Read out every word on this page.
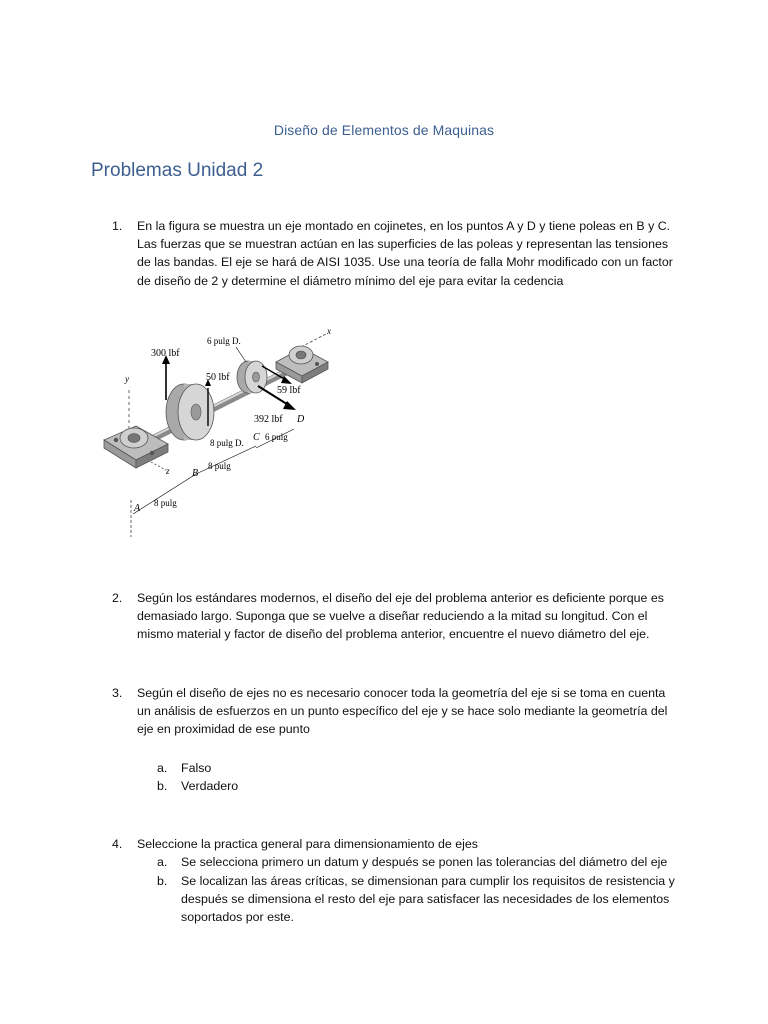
Diseño de Elementos de Maquinas
Problemas Unidad 2
1. En la figura se muestra un eje montado en cojinetes, en los puntos A y D y tiene poleas en B y C. Las fuerzas que se muestran actúan en las superficies de las poleas y representan las tensiones de las bandas. El eje se hará de AISI 1035. Use una teoría de falla Mohr modificado con un factor de diseño de 2 y determine el diámetro mínimo del eje para evitar la cedencia
x
y
z
300 lbf
50 lbf
59 lbf
392 lbf D
6 pulg D.
C 6 pulg
8 pulg D.
B
8 pulg
A 8 pulg
2. Según los estándares modernos, el diseño del eje del problema anterior es deficiente porque es demasiado largo. Suponga que se vuelve a diseñar reduciendo a la mitad su longitud. Con el mismo material y factor de diseño del problema anterior, encuentre el nuevo diámetro del eje.
3. Según el diseño de ejes no es necesario conocer toda la geometría del eje si se toma en cuenta un análisis de esfuerzos en un punto específico del eje y se hace solo mediante la geometría del eje en proximidad de ese punto
a. Falso
b. Verdadero
4. Seleccione la practica general para dimensionamiento de ejes
a. Se selecciona primero un datum y después se ponen las tolerancias del diámetro del eje
b. Se localizan las áreas críticas, se dimensionan para cumplir los requisitos de resistencia y después se dimensiona el resto del eje para satisfacer las necesidades de los elementos soportados por este.
